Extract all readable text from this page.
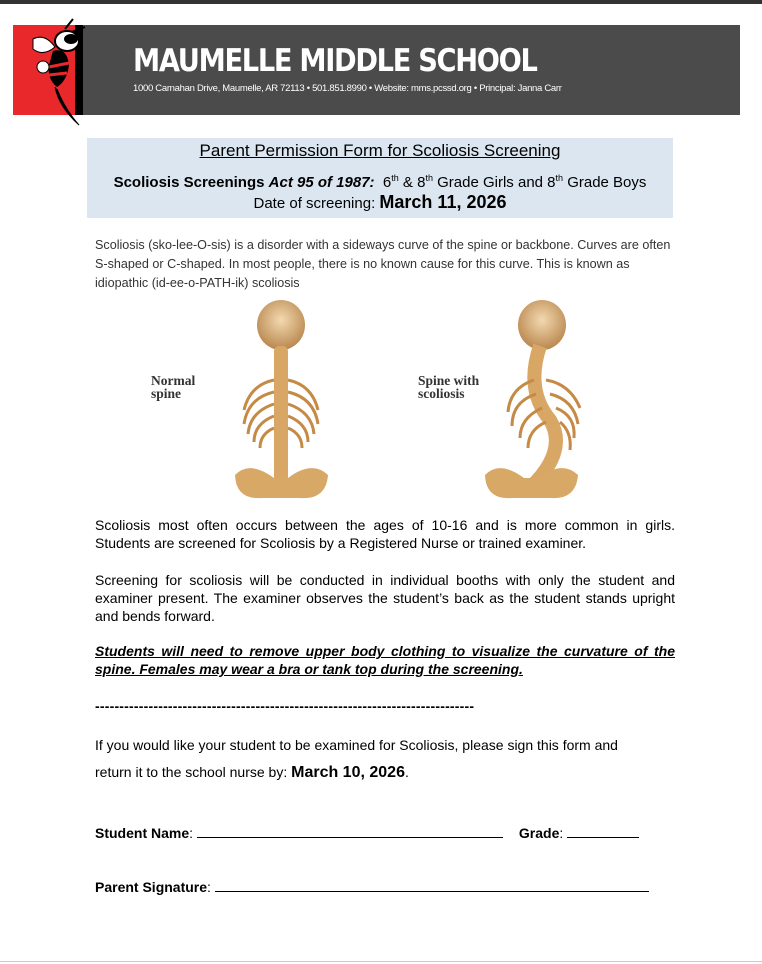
MAUMELLE MIDDLE SCHOOL
1000 Carnahan Drive, Maumelle, AR 72113 • 501.851.8990 • Website: mms.pcssd.org • Principal: Janna Carr
Parent Permission Form for Scoliosis Screening
Scoliosis Screenings Act 95 of 1987: 6th & 8th Grade Girls and 8th Grade Boys
Date of screening: March 11, 2026
Scoliosis (sko-lee-O-sis) is a disorder with a sideways curve of the spine or backbone. Curves are often S-shaped or C-shaped. In most people, there is no known cause for this curve. This is known as idiopathic (id-ee-o-PATH-ik) scoliosis
Normal
spine
Spine with
scoliosis
Scoliosis most often occurs between the ages of 10-16 and is more common in girls. Students are screened for Scoliosis by a Registered Nurse or trained examiner.
Screening for scoliosis will be conducted in individual booths with only the student and examiner present. The examiner observes the student’s back as the student stands upright and bends forward.
Students will need to remove upper body clothing to visualize the curvature of the spine. Females may wear a bra or tank top during the screening.
------------------------------------------------------------------------------
If you would like your student to be examined for Scoliosis, please sign this form and
return it to the school nurse by: March 10, 2026.
Student Name:	Grade:
Parent Signature:
